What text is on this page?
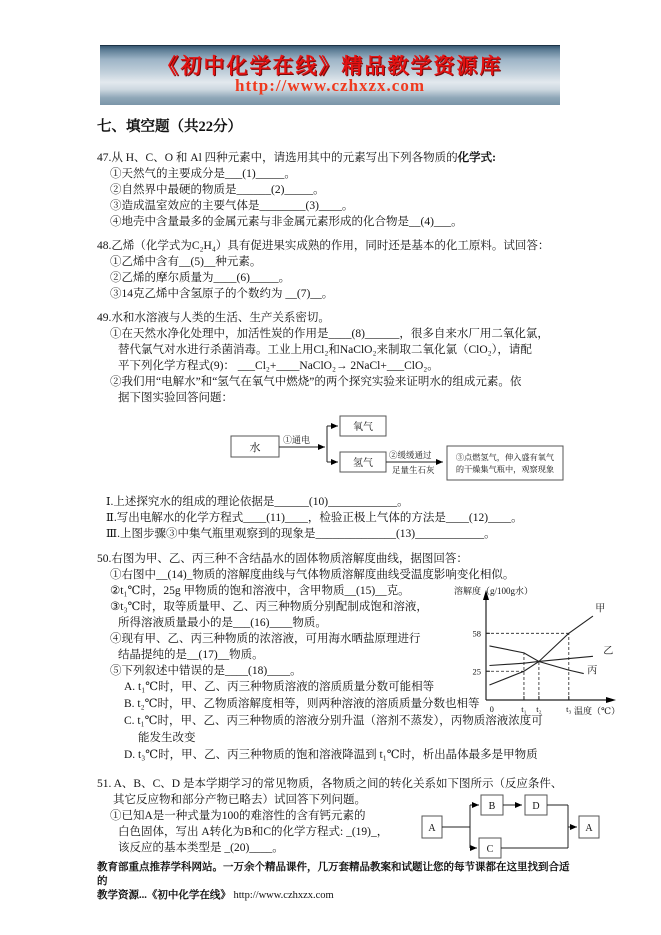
《初中化学在线》精品教学资源库
http://www.czhxzx.com
七、填空题（共22分）
47.从 H、C、O 和 Al 四种元素中，请选用其中的元素写出下列各物质的化学式:
①天然气的主要成分是___(1)_____。
②自然界中最硬的物质是______(2)_____。
③造成温室效应的主要气体是________(3)____。
④地壳中含量最多的金属元素与非金属元素形成的化合物是__(4)___。
48.乙烯（化学式为C₂H₄）具有促进果实成熟的作用，同时还是基本的化工原料。试回答：
①乙烯中含有__(5)__种元素。
②乙烯的摩尔质量为____(6)_____。
③14克乙烯中含氢原子的个数约为 __(7)__。
49.水和水溶液与人类的生活、生产关系密切。
①在天然水净化处理中，加活性炭的作用是____(8)______，很多自来水厂用二氧化氯，
替代氯气对水进行杀菌消毒。工业上用Cl₂和NaClO₂来制取二氧化氯（ClO₂），请配
平下列化学方程式(9)： ___Cl₂+____NaClO₂→ 2NaCl+___ClO₂。
②我们用“电解水”和“氢气在氧气中燃烧”的两个探究实验来证明水的组成元素。依
据下图实验回答问题：
水
①通电
氧气
氢气
②缓缓通过
足量生石灰
③点燃氢气，伸入盛有氧气
的干燥集气瓶中，观察现象
Ⅰ.上述探究水的组成的理论依据是______(10)____________。
Ⅱ.写出电解水的化学方程式____(11)____，检验正极上气体的方法是____(12)____。
Ⅲ.上图步骤③中集气瓶里观察到的现象是______________(13)____________。
50.右图为甲、乙、丙三种不含结晶水的固体物质溶解度曲线，据图回答：
①右图中__(14)_物质的溶解度曲线与气体物质溶解度曲线受温度影响变化相似。
②t₁℃时，25g 甲物质的饱和溶液中，含甲物质__(15)__克。
③t₃℃时，取等质量甲、乙、丙三种物质分别配制成饱和溶液，
所得溶液质量最小的是___(16)____物质。
④现有甲、乙、丙三种物质的浓溶液，可用海水晒盐原理进行
结晶提纯的是__(17)__物质。
⑤下列叙述中错误的是____(18)____。
A. t₁℃时，甲、乙、丙三种物质溶液的溶质质量分数可能相等
B. t₂℃时，甲、乙物质溶解度相等，则两种溶液的溶质质量分数也相等
C. t₁℃时，甲、乙、丙三种物质的溶液分别升温（溶剂不蒸发），丙物质溶液浓度可
能发生改变
D. t₃℃时，甲、乙、丙三种物质的饱和溶液降温到 t₁℃时，析出晶体最多是甲物质
51. A、B、C、D 是本学期学习的常见物质，各物质之间的转化关系如下图所示（反应条件、
其它反应物和部分产物已略去）试回答下列问题。
①已知A是一种式量为100的难溶性的含有钙元素的
白色固体，写出 A转化为B和C的化学方程式: _(19)_，
该反应的基本类型是 _(20)____。
教育部重点推荐学科网站。一万余个精品课件，几万套精品教案和试题让您的每节课都在这里找到合适的
教学资源...《初中化学在线》 http://www.czhxzx.com
溶解度（g/100g水）
温度（℃）
0	t₁ t₂	t₃
58
25
甲
乙
丙
A
B
C
D
A
